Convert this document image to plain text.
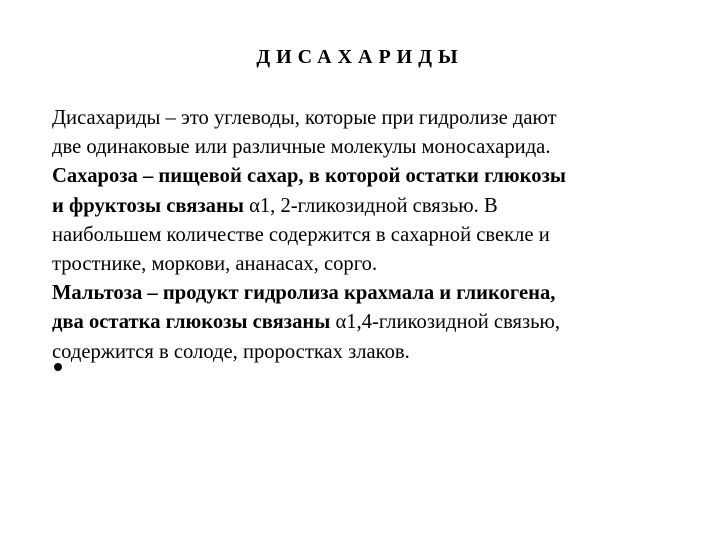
ДИСАХАРИДЫ
Дисахариды – это углеводы, которые при гидролизе дают
две одинаковые или различные молекулы моносахарида.
Сахароза – пищевой сахар, в которой остатки глюкозы
и фруктозы связаны α1, 2-гликозидной связью. В
наибольшем количестве содержится в сахарной свекле и
тростнике, моркови, ананасах, сорго.
Мальтоза – продукт гидролиза крахмала и гликогена,
два остатка глюкозы связаны α1,4-гликозидной связью,
содержится в солоде, проростках злаков.
